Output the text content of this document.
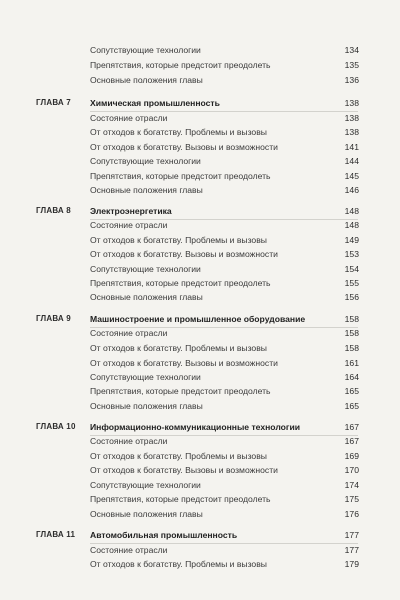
Сопутствующие технологии	134
Препятствия, которые предстоит преодолеть	135
Основные положения главы	136
ГЛАВА 7 Химическая промышленность	138
Состояние отрасли	138
От отходов к богатству. Проблемы и вызовы	138
От отходов к богатству. Вызовы и возможности	141
Сопутствующие технологии	144
Препятствия, которые предстоит преодолеть	145
Основные положения главы	146
ГЛАВА 8 Электроэнергетика	148
Состояние отрасли	148
От отходов к богатству. Проблемы и вызовы	149
От отходов к богатству. Вызовы и возможности	153
Сопутствующие технологии	154
Препятствия, которые предстоит преодолеть	155
Основные положения главы	156
ГЛАВА 9 Машиностроение и промышленное оборудование	158
Состояние отрасли	158
От отходов к богатству. Проблемы и вызовы	158
От отходов к богатству. Вызовы и возможности	161
Сопутствующие технологии	164
Препятствия, которые предстоит преодолеть	165
Основные положения главы	165
ГЛАВА 10 Информационно-коммуникационные технологии	167
Состояние отрасли	167
От отходов к богатству. Проблемы и вызовы	169
От отходов к богатству. Вызовы и возможности	170
Сопутствующие технологии	174
Препятствия, которые предстоит преодолеть	175
Основные положения главы	176
ГЛАВА 11 Автомобильная промышленность	177
Состояние отрасли	177
От отходов к богатству. Проблемы и вызовы	179
